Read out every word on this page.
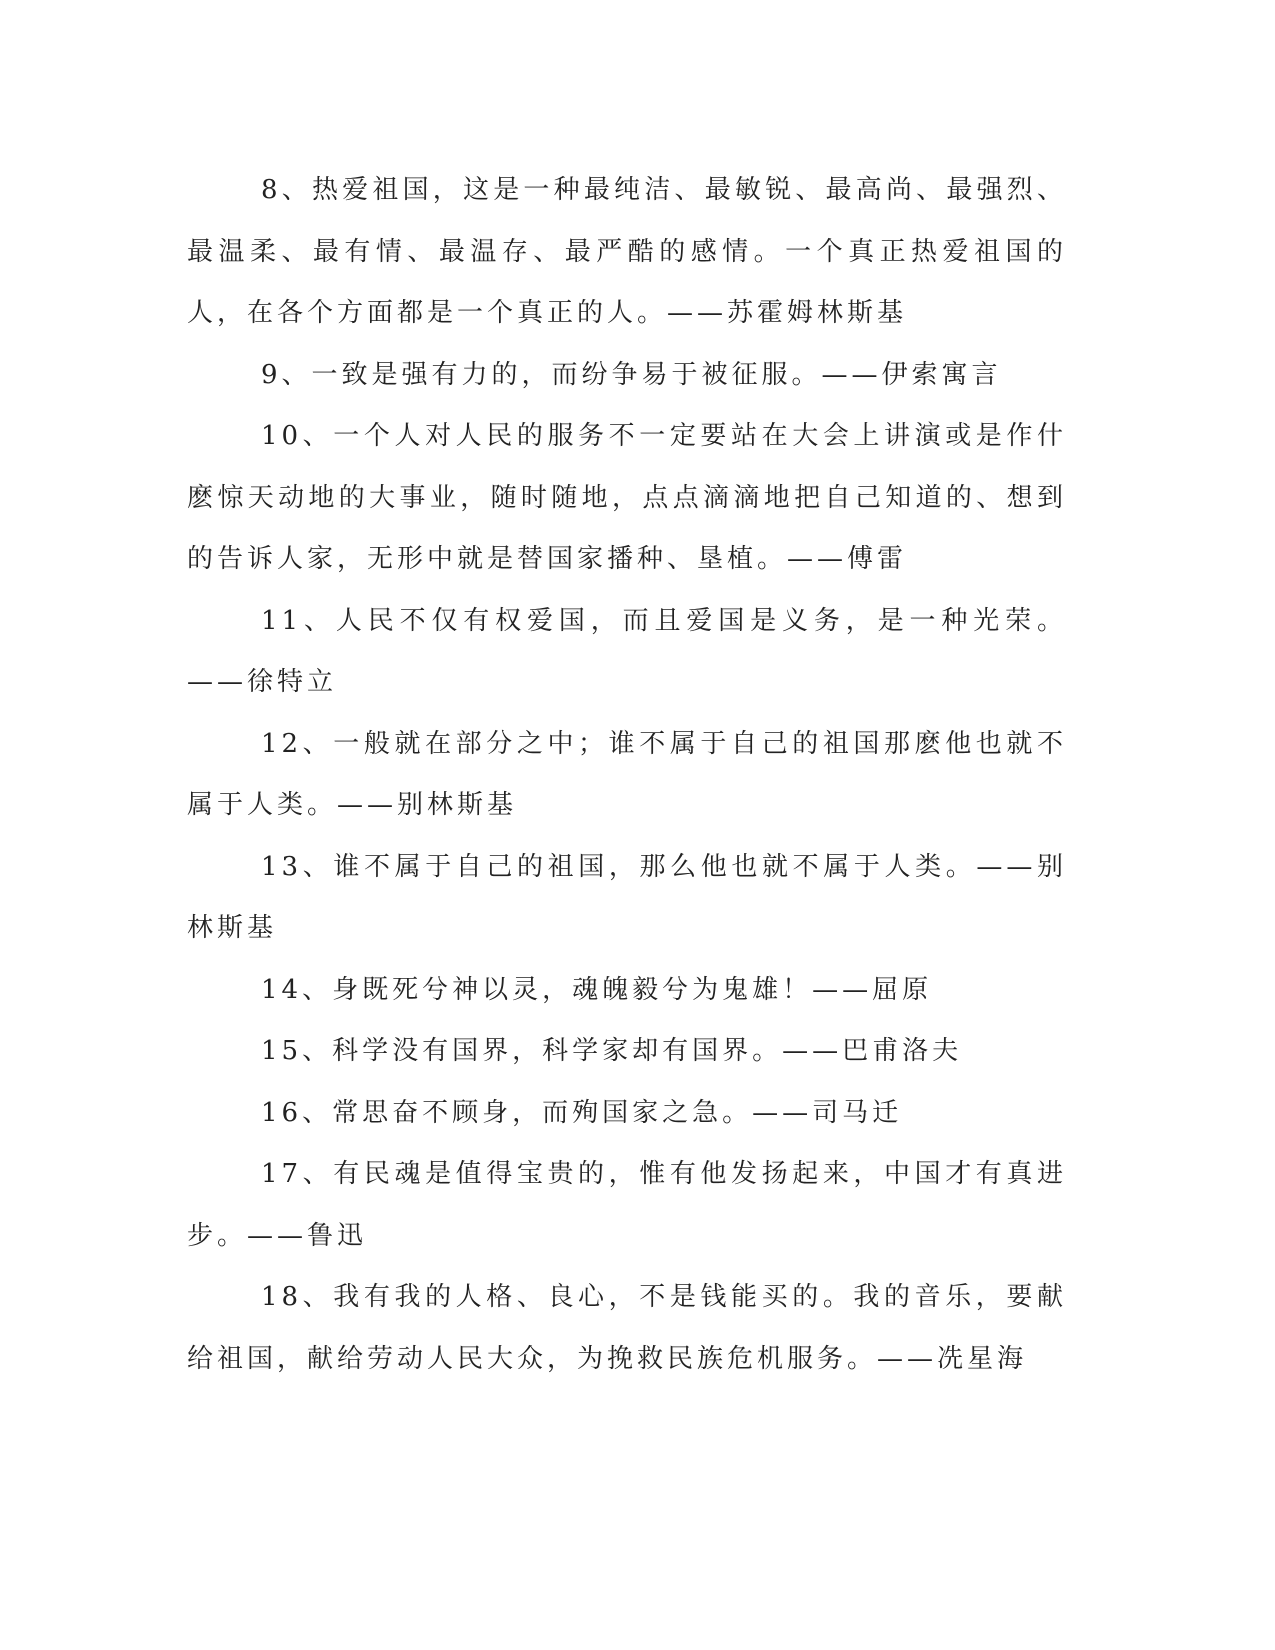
8、热爱祖国，这是一种最纯洁、最敏锐、最高尚、最强烈、最温柔、最有情、最温存、最严酷的感情。一个真正热爱祖国的人，在各个方面都是一个真正的人。——苏霍姆林斯基

9、一致是强有力的，而纷争易于被征服。——伊索寓言

10、一个人对人民的服务不一定要站在大会上讲演或是作什麽惊天动地的大事业，随时随地，点点滴滴地把自己知道的、想到的告诉人家，无形中就是替国家播种、垦植。——傅雷

11、人民不仅有权爱国，而且爱国是义务，是一种光荣。——徐特立

12、一般就在部分之中；谁不属于自己的祖国那麽他也就不属于人类。——别林斯基

13、谁不属于自己的祖国，那么他也就不属于人类。——别林斯基

14、身既死兮神以灵，魂魄毅兮为鬼雄！——屈原

15、科学没有国界，科学家却有国界。——巴甫洛夫

16、常思奋不顾身，而殉国家之急。——司马迁

17、有民魂是值得宝贵的，惟有他发扬起来，中国才有真进步。——鲁迅

18、我有我的人格、良心，不是钱能买的。我的音乐，要献给祖国，献给劳动人民大众，为挽救民族危机服务。——冼星海
